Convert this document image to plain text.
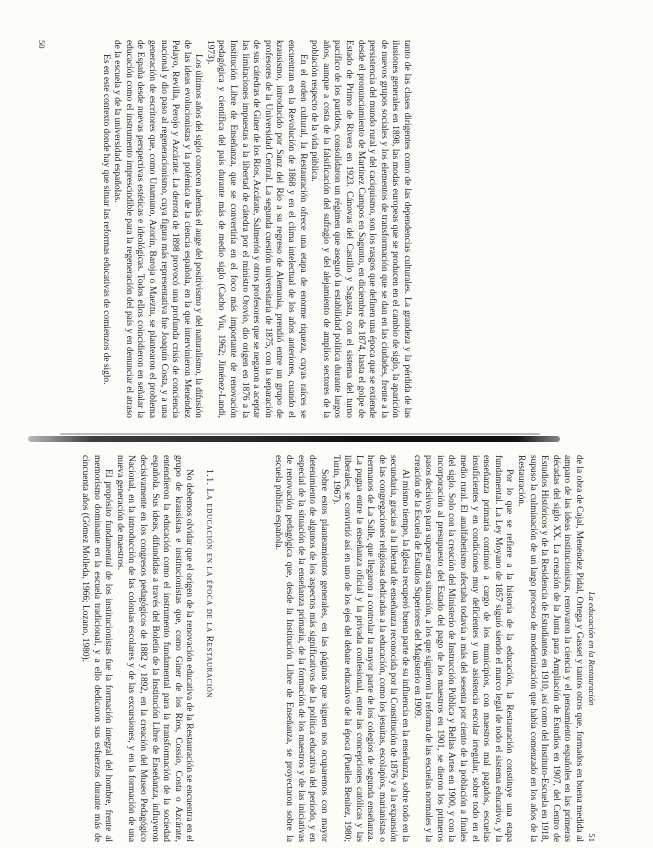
tanto de las clases dirigentes como de las dependencias culturales. La grandeza y la pérdida de las ilusiones generales en 1898, las modas europeas que se producen en el cambio de siglo, la aparición de nuevos grupos sociales y los elementos de transformación que se dan en las ciudades, frente a la persistencia del mundo rural y del caciquismo, son los rasgos que definen una época que se extiende desde el pronunciamiento de Martínez Campos en Sagunto, en diciembre de 1874, hasta el golpe de Estado de Primo de Rivera en 1923. Cánovas del Castillo y Sagasta, con el sistema del turno pacífico de los partidos, consolidaron un régimen que aseguró la estabilidad política durante largos años, aunque a costa de la falsificación del sufragio y del alejamiento de amplios sectores de la población respecto de la vida pública.

En el orden cultural, la Restauración ofrece una etapa de enorme riqueza, cuyas raíces se encuentran en la Revolución de 1868 y en el clima intelectual de los años anteriores, cuando el krausismo, introducido por Sanz del Río a su regreso de Alemania, prendió entre un grupo de profesores de la Universidad Central. La segunda cuestión universitaria de 1875, con la separación de sus cátedras de Giner de los Ríos, Azcárate, Salmerón y otros profesores que se negaron a aceptar las limitaciones impuestas a la libertad de cátedra por el ministro Orovio, dio origen en 1876 a la Institución Libre de Enseñanza, que se convertiría en el foco más importante de renovación pedagógica y científica del país durante más de medio siglo (Cacho Viu, 1962; Jiménez-Landi, 1973).

Los últimos años del siglo conocen además el auge del positivismo y del naturalismo, la difusión de las ideas evolucionistas y la polémica de la ciencia española, en la que intervinieron Menéndez Pelayo, Revilla, Perojo y Azcárate. La derrota de 1898 provocó una profunda crisis de conciencia nacional y dio paso al regeneracionismo, cuya figura más representativa fue Joaquín Costa, y a una generación de escritores que, como Unamuno, Azorín, Baroja o Maeztu, se plantearon el problema de España desde nuevas perspectivas estéticas e ideológicas. Todos ellos coincidieron en señalar la educación como el instrumento imprescindible para la regeneración del país y en denunciar el atraso de la escuela y de la universidad españolas.

Es en este contexto donde hay que situar las reformas educativas de comienzos de siglo.

50
La educación en la Restauración
51

de la obra de Cajal, Menéndez Pidal, Ortega y Gasset y tantos otros que, formados en buena medida al amparo de las ideas institucionistas, renovaron la ciencia y el pensamiento españoles en las primeras décadas del siglo XX. La creación de la Junta para Ampliación de Estudios en 1907, del Centro de Estudios Históricos y de la Residencia de Estudiantes en 1910, así como del Instituto-Escuela en 1918, supuso la culminación de un largo proceso de modernización que había comenzado en los años de la Restauración.

Por lo que se refiere a la historia de la educación, la Restauración constituye una etapa fundamental. La Ley Moyano de 1857 siguió siendo el marco legal de todo el sistema educativo, y la enseñanza primaria continuó a cargo de los municipios, con maestros mal pagados, escuelas insuficientes y en condiciones muy deficientes y una asistencia escolar irregular, sobre todo en el medio rural. El analfabetismo afectaba todavía a más del sesenta por ciento de la población a finales del siglo. Solo con la creación del Ministerio de Instrucción Pública y Bellas Artes en 1900, y con la incorporación al presupuesto del Estado del pago de los maestros en 1901, se dieron los primeros pasos decisivos para superar esta situación, a los que siguieron la reforma de las escuelas normales y la creación de la Escuela de Estudios Superiores del Magisterio en 1909.

Al mismo tiempo, la Iglesia recuperó buena parte de su influencia en la enseñanza, sobre todo en la secundaria, gracias a la libertad de enseñanza reconocida por la Constitución de 1876 y a la expansión de las congregaciones religiosas dedicadas a la educación, como los jesuitas, escolapios, marianistas o hermanos de La Salle, que llegaron a controlar la mayor parte de los colegios de segunda enseñanza. La pugna entre la enseñanza oficial y la privada confesional, entre las concepciones católicas y las liberales, se convirtió así en uno de los ejes del debate educativo de la época (Puelles Benítez, 1980; Turin, 1967).

Sobre estos planteamientos generales, en las páginas que siguen nos ocuparemos con mayor detenimiento de algunos de los aspectos más significativos de la política educativa del período, y en especial de la situación de la enseñanza primaria, de la formación de los maestros y de las iniciativas de renovación pedagógica que, desde la Institución Libre de Enseñanza, se proyectaron sobre la escuela pública española.

1.1. La educación en la época de la Restauración

No debemos olvidar que el origen de la renovación educativa de la Restauración se encuentra en el grupo de krausistas e institucionistas que, como Giner de los Ríos, Cossío, Costa o Azcárate, entendieron la educación como el instrumento fundamental para la transformación de la sociedad española. Sus ideas, difundidas a través del Boletín de la Institución Libre de Enseñanza, influyeron decisivamente en los congresos pedagógicos de 1882 y 1892, en la creación del Museo Pedagógico Nacional, en la introducción de las colonias escolares y de las excursiones, y en la formación de una nueva generación de maestros.

El propósito fundamental de los institucionistas fue la formación integral del hombre, frente al memorismo dominante en la escuela tradicional, y a ello dedicaron sus esfuerzos durante más de cincuenta años (Gómez Molleda, 1966; Lozano, 1980).
